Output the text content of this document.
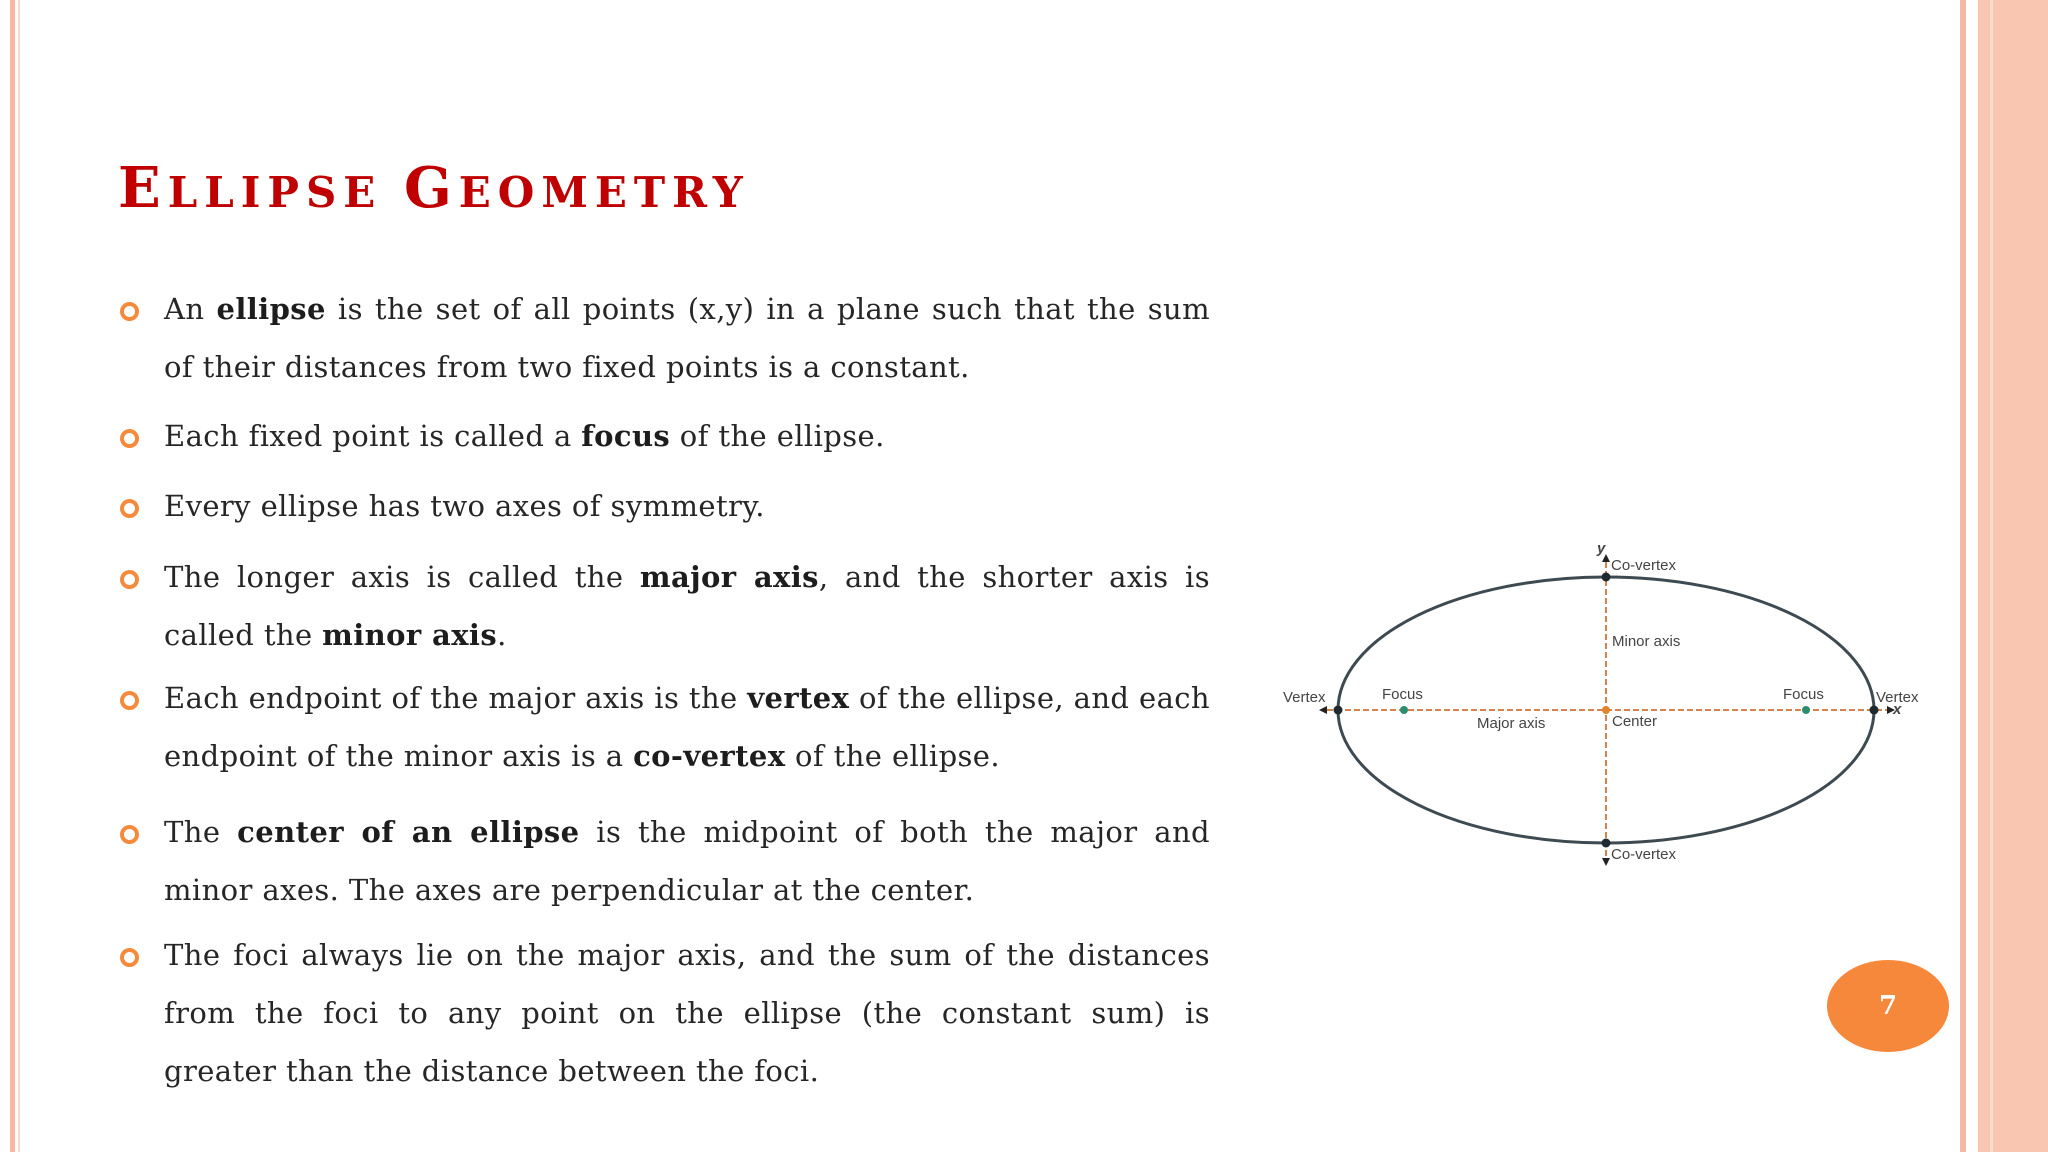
ELLIPSE GEOMETRY
An ellipse is the set of all points (x,y) in a plane such that the sum of their distances from two fixed points is a constant.
Each fixed point is called a focus of the ellipse.
Every ellipse has two axes of symmetry.
The longer axis is called the major axis, and the shorter axis is called the minor axis.
Each endpoint of the major axis is the vertex of the ellipse, and each endpoint of the minor axis is a co-vertex of the ellipse.
The center of an ellipse is the midpoint of both the major and minor axes. The axes are perpendicular at the center.
The foci always lie on the major axis, and the sum of the distances from the foci to any point on the ellipse (the constant sum) is greater than the distance between the foci.
y
x
Co-vertex
Co-vertex
Minor axis
Major axis	Center
Vertex	Vertex
Focus	Focus
7
